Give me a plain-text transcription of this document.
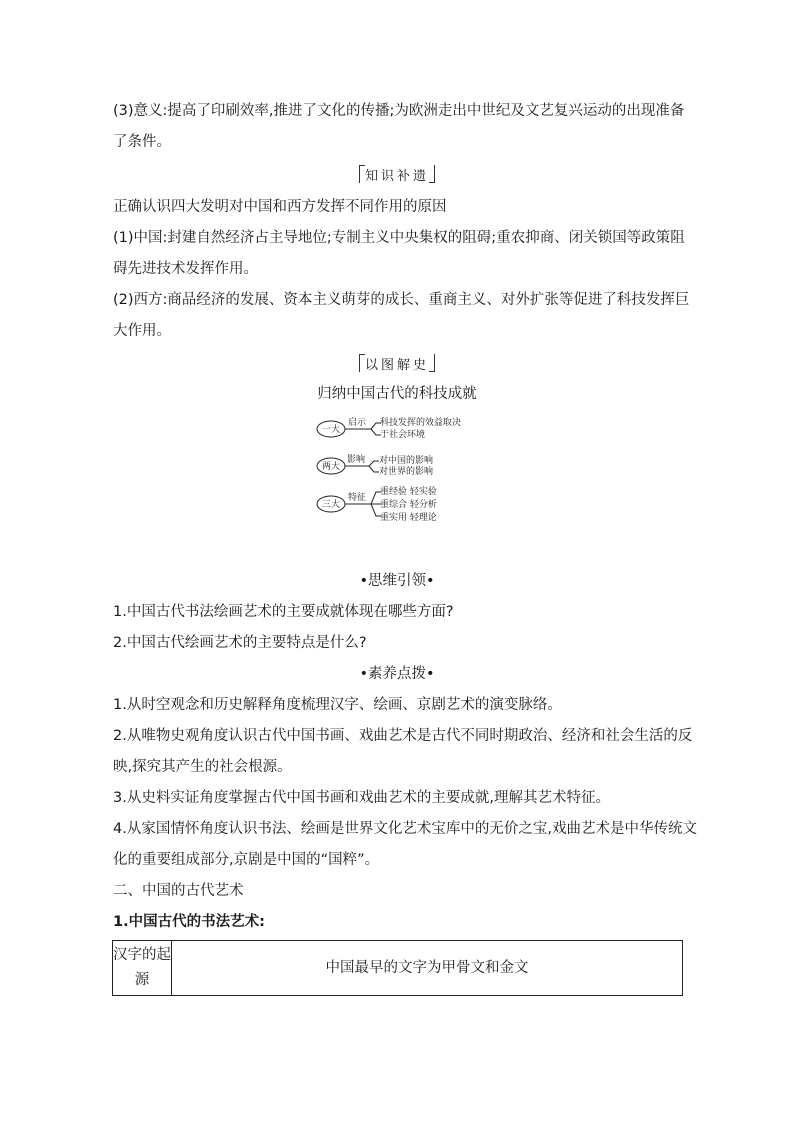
(3)意义:提高了印刷效率,推进了文化的传播;为欧洲走出中世纪及文艺复兴运动的出现准备
了条件。
知识补遗
正确认识四大发明对中国和西方发挥不同作用的原因
(1)中国:封建自然经济占主导地位;专制主义中央集权的阻碍;重农抑商、闭关锁国等政策阻
碍先进技术发挥作用。
(2)西方:商品经济的发展、资本主义萌芽的成长、重商主义、对外扩张等促进了科技发挥巨
大作用。
以图解史
归纳中国古代的科技成就
一大
启示 科技发挥的效益取决
于社会环境
两大
影响 对中国的影响
对世界的影响
三大
特征
重经验 轻实验
重综合 轻分析
重实用 轻理论
•思维引领•
1.中国古代书法绘画艺术的主要成就体现在哪些方面?
2.中国古代绘画艺术的主要特点是什么?
•素养点拨•
1.从时空观念和历史解释角度梳理汉字、绘画、京剧艺术的演变脉络。
2.从唯物史观角度认识古代中国书画、戏曲艺术是古代不同时期政治、经济和社会生活的反
映,探究其产生的社会根源。
3.从史料实证角度掌握古代中国书画和戏曲艺术的主要成就,理解其艺术特征。
4.从家国情怀角度认识书法、绘画是世界文化艺术宝库中的无价之宝,戏曲艺术是中华传统文
化的重要组成部分,京剧是中国的“国粹”。
二、中国的古代艺术
1.中国古代的书法艺术:
汉字的起
源
	中国最早的文字为甲骨文和金文
